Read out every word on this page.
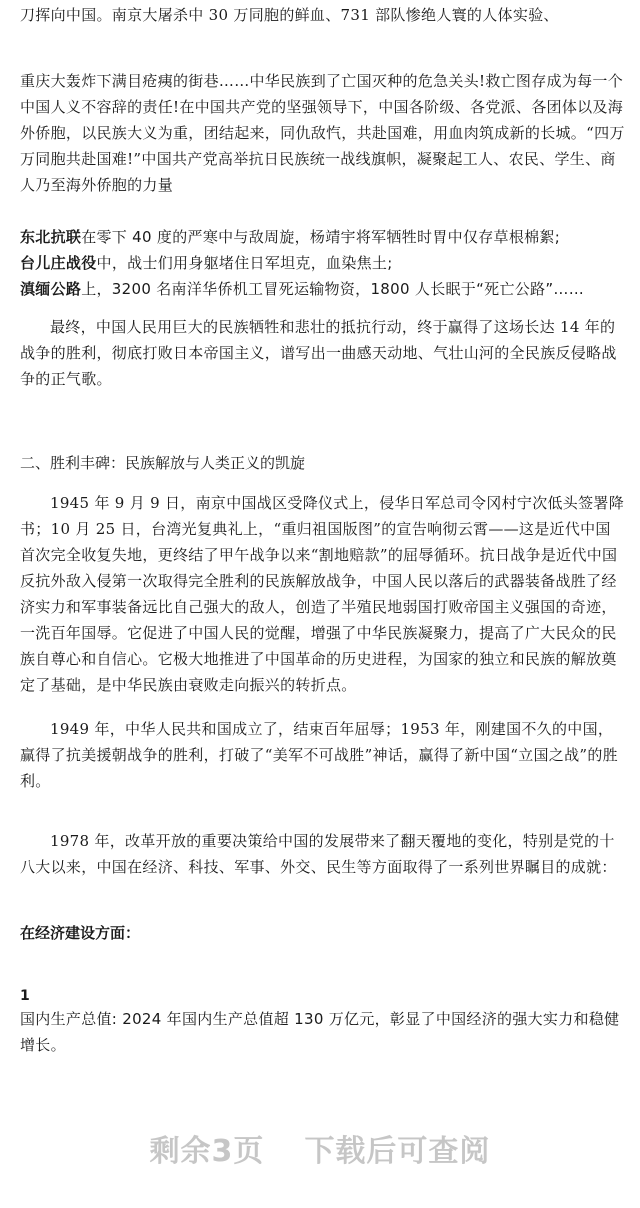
刀挥向中国。南京大屠杀中 30 万同胞的鲜血、731 部队惨绝人寰的人体实验、

重庆大轰炸下满目疮痍的街巷……中华民族到了亡国灭种的危急关头!救亡图存成为每一个中国人义不容辞的责任!在中国共产党的坚强领导下，中国各阶级、各党派、各团体以及海外侨胞，以民族大义为重，团结起来，同仇敌忾，共赴国难，用血肉筑成新的长城。“四万万同胞共赴国难!”中国共产党高举抗日民族统一战线旗帜，凝聚起工人、农民、学生、商人乃至海外侨胞的力量

东北抗联在零下 40 度的严寒中与敌周旋，杨靖宇将军牺牲时胃中仅存草根棉絮;
台儿庄战役中，战士们用身躯堵住日军坦克，血染焦土;
滇缅公路上，3200 名南洋华侨机工冒死运输物资，1800 人长眠于“死亡公路”……

最终，中国人民用巨大的民族牺牲和悲壮的抵抗行动，终于赢得了这场长达 14 年的战争的胜利，彻底打败日本帝国主义，谱写出一曲感天动地、气壮山河的全民族反侵略战争的正气歌。

二、胜利丰碑：民族解放与人类正义的凯旋

1945 年 9 月 9 日，南京中国战区受降仪式上，侵华日军总司令冈村宁次低头签署降书；10 月 25 日，台湾光复典礼上，“重归祖国版图”的宣告响彻云霄——这是近代中国首次完全收复失地，更终结了甲午战争以来“割地赔款”的屈辱循环。抗日战争是近代中国反抗外敌入侵第一次取得完全胜利的民族解放战争，中国人民以落后的武器装备战胜了经济实力和军事装备远比自己强大的敌人，创造了半殖民地弱国打败帝国主义强国的奇迹，一洗百年国辱。它促进了中国人民的觉醒，增强了中华民族凝聚力，提高了广大民众的民族自尊心和自信心。它极大地推进了中国革命的历史进程，为国家的独立和民族的解放奠定了基础，是中华民族由衰败走向振兴的转折点。

1949 年，中华人民共和国成立了，结束百年屈辱；1953 年，刚建国不久的中国，赢得了抗美援朝战争的胜利，打破了“美军不可战胜”神话，赢得了新中国“立国之战”的胜利。

1978 年，改革开放的重要决策给中国的发展带来了翻天覆地的变化，特别是党的十八大以来，中国在经济、科技、军事、外交、民生等方面取得了一系列世界瞩目的成就：

在经济建设方面：

1

国内生产总值: 2024 年国内生产总值超 130 万亿元，彰显了中国经济的强大实力和稳健增长。

剩余3页 下载后可查阅
